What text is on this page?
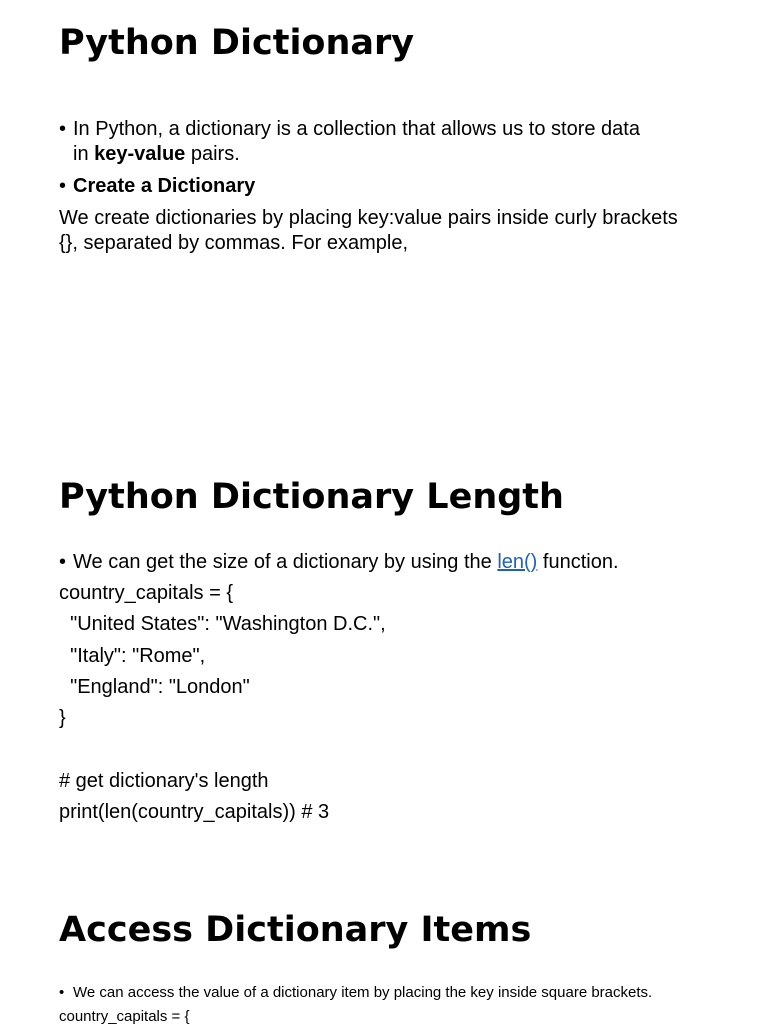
Python Dictionary

• In Python, a dictionary is a collection that allows us to store data

in key-value pairs.

• Create a Dictionary

We create dictionaries by placing key:value pairs inside curly brackets

{}, separated by commas. For example,

Python Dictionary Length

• We can get the size of a dictionary by using the len() function.

country_capitals = {

"United States": "Washington D.C.",

"Italy": "Rome",

"England": "London"

}

# get dictionary's length

print(len(country_capitals)) # 3

Access Dictionary Items

• We can access the value of a dictionary item by placing the key inside square brackets.

country_capitals = {
